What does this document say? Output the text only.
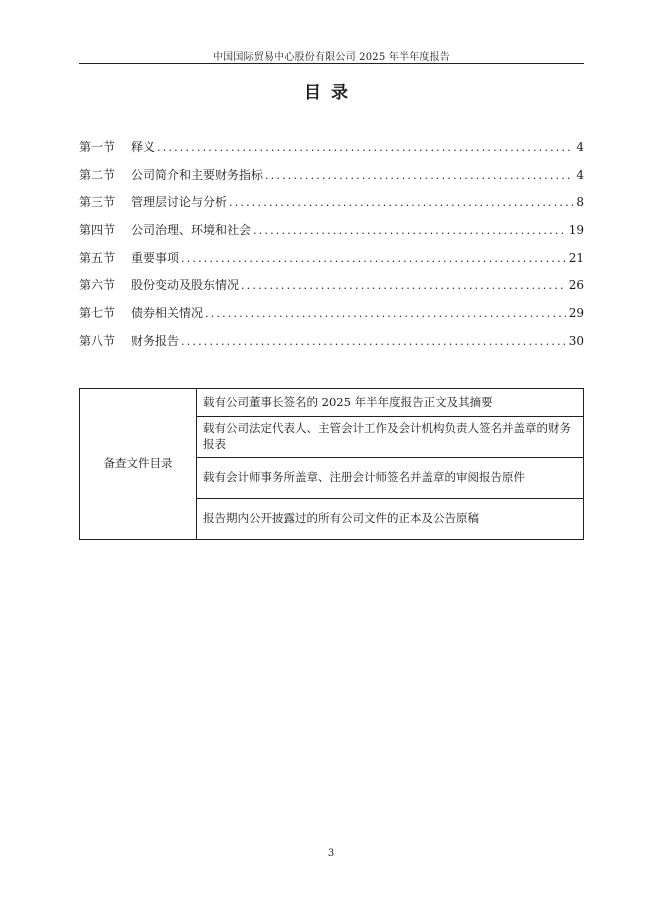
中国国际贸易中心股份有限公司 2025 年半年度报告
目录
第一节	释义 .....	4
第二节	公司简介和主要财务指标 .....	4
第三节	管理层讨论与分析 .....	8
第四节	公司治理、环境和社会 .....	19
第五节	重要事项 .....	21
第六节	股份变动及股东情况 .....	26
第七节	债券相关情况 .....	29
第八节	财务报告 .....	30
备查文件目录	载有公司董事长签名的 2025 年半年度报告正文及其摘要
载有公司法定代表人、主管会计工作及会计机构负责人签名并盖章的财务报表
载有会计师事务所盖章、注册会计师签名并盖章的审阅报告原件
报告期内公开披露过的所有公司文件的正本及公告原稿
3
